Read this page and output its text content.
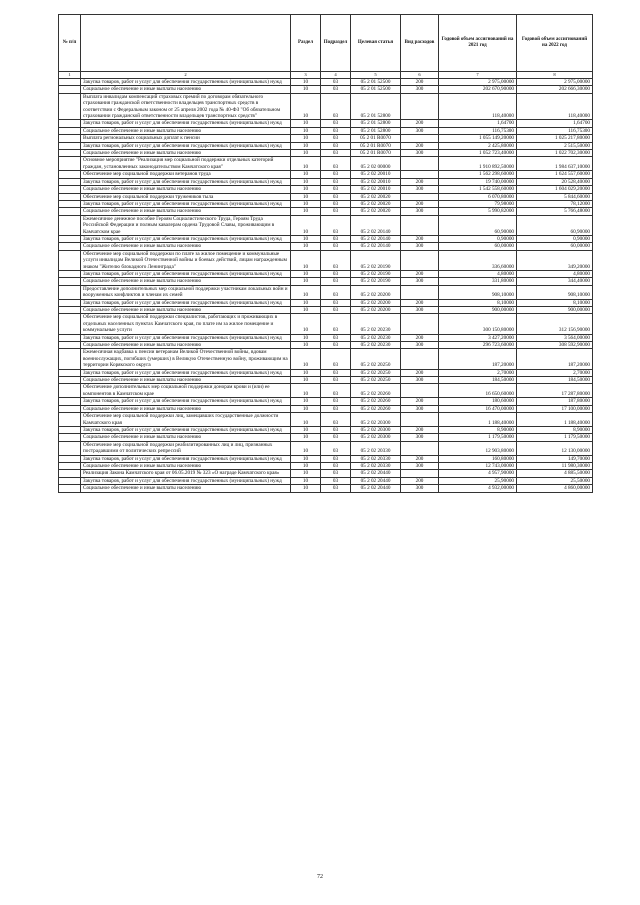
№ п/п		Раздел	Подраздел	Целевая статья	Вид расходов	Годовой объем ассигнований на 2021 год	Годовой объем ассигнований на 2022 год
1	2	3	4	5	6	7	8
	Закупка товаров, работ и услуг для обеспечения государственных (муниципальных) нужд	10	03	05 2 01 52500	200	2 975,00000	2 975,00000
	Социальное обеспечение и иные выплаты населению	10	03	05 2 01 52500	300	202 670,90000	202 666,30000
	Выплата инвалидам компенсаций страховых премий по договорам обязательного страхования гражданской ответственности владельцев транспортных средств в соответствии с Федеральным законом от 25 апреля 2002 года № 40-ФЗ "Об обязательном страховании гражданской ответственности владельцев транспортных средств"	10	03	05 2 01 52800		118,40000	118,40000
	Закупка товаров, работ и услуг для обеспечения государственных (муниципальных) нужд	10	03	05 2 01 52800	200	1,64700	1,64700
	Социальное обеспечение и иные выплаты населению	10	03	05 2 01 52800	300	116,75300	116,75300
	Выплата региональных социальных доплат к пенсии	10	03	05 2 01 R0070		1 055 149,20000	1 025 217,80000
	Закупка товаров, работ и услуг для обеспечения государственных (муниципальных) нужд	10	03	05 2 01 R0070	200	2 425,80000	2 515,50000
	Социальное обеспечение и иные выплаты населению	10	03	05 2 01 R0070	300	1 052 723,40000	1 022 702,30000
	Основное мероприятие "Реализация мер социальной поддержки отдельных категорий граждан, установленных законодательством Камчатского края"	10	03	05 2 02 00000		1 910 892,50000	1 984 637,10000
	Обеспечение мер социальной поддержки ветеранов труда	10	03	05 2 02 20010		1 562 298,60000	1 624 557,60000
	Закупка товаров, работ и услуг для обеспечения государственных (муниципальных) нужд	10	03	05 2 02 20010	200	19 740,00000	20 528,40000
	Социальное обеспечение и иные выплаты населению	10	03	05 2 02 20010	300	1 542 558,60000	1 604 029,20000
	Обеспечение мер социальной поддержки тружеников тыла	10	03	05 2 02 20020		6 070,80000	5 844,60000
	Закупка товаров, работ и услуг для обеспечения государственных (муниципальных) нужд	10	03	05 2 02 20020	200	79,98000	78,12000
	Социальное обеспечение и иные выплаты населению	10	03	05 2 02 20020	300	5 990,82000	5 766,48000
	Ежемесячное денежное пособие Героям Социалистического Труда, Героям Труда Российской Федерации и полным кавалерам ордена Трудовой Славы, проживающим в Камчатском крае	10	03	05 2 02 20140		60,90000	60,90000
	Закупка товаров, работ и услуг для обеспечения государственных (муниципальных) нужд	10	03	05 2 02 20140	200	0,90000	0,90000
	Социальное обеспечение и иные выплаты населению	10	03	05 2 02 20140	300	60,00000	60,00000
	Обеспечение мер социальной поддержки по плате за жилое помещение и коммунальные услуги инвалидам Великой Отечественной войны и боевых действий, лицам награжденным знаком "Жителю блокадного Ленинграда"	10	03	05 2 02 20190		336,60000	349,20000
	Закупка товаров, работ и услуг для обеспечения государственных (муниципальных) нужд	10	03	05 2 02 20190	200	4,80000	4,80000
	Социальное обеспечение и иные выплаты населению	10	03	05 2 02 20190	300	331,80000	344,40000
	Предоставление дополнительных мер социальной поддержки участникам локальных войн и вооруженных конфликтов и членам их семей	10	03	05 2 02 20200		908,10000	908,10000
	Закупка товаров, работ и услуг для обеспечения государственных (муниципальных) нужд	10	03	05 2 02 20200	200	8,10000	8,10000
	Социальное обеспечение и иные выплаты населению	10	03	05 2 02 20200	300	900,00000	900,00000
	Обеспечение мер социальной поддержки специалистов, работающих и проживающих в отдельных населенных пунктах Камчатского края, по плате им за жилое помещение и коммунальные услуги	10	03	05 2 02 20230		300 150,80000	312 156,90000
	Закупка товаров, работ и услуг для обеспечения государственных (муниципальных) нужд	10	03	05 2 02 20230	200	3 427,20000	3 564,00000
	Социальное обеспечение и иные выплаты населению	10	03	05 2 02 20230	300	296 723,60000	308 592,90000
	Ежемесячная надбавка к пенсии ветеранам Великой Отечественной войны, вдовам военнослужащих, погибших (умерших) в Великую Отечественную войну, проживающим на территории Корякского округа	10	03	05 2 02 20250		187,20000	187,20000
	Закупка товаров, работ и услуг для обеспечения государственных (муниципальных) нужд	10	03	05 2 02 20250	200	2,70000	2,70000
	Социальное обеспечение и иные выплаты населению	10	03	05 2 02 20250	300	184,50000	184,50000
	Обеспечение дополнительных мер социальной поддержки донорам крови и (или) ее компонентов в Камчатском крае	10	03	05 2 02 20260		16 650,60000	17 287,80000
	Закупка товаров, работ и услуг для обеспечения государственных (муниципальных) нужд	10	03	05 2 02 20260	200	180,60000	187,80000
	Социальное обеспечение и иные выплаты населению	10	03	05 2 02 20260	300	16 470,00000	17 100,00000
	Обеспечение мер социальной поддержки лиц, замещавших государственные должности Камчатского края	10	03	05 2 02 20300		1 188,40000	1 188,40000
	Закупка товаров, работ и услуг для обеспечения государственных (муниципальных) нужд	10	03	05 2 02 20300	200	8,90000	8,90000
	Социальное обеспечение и иные выплаты населению	10	03	05 2 02 20300	300	1 179,50000	1 179,50000
	Обеспечение мер социальной поддержки реабилитированных лиц и лиц, признанных пострадавшими от политических репрессий	10	03	05 2 02 20330		12 903,80000	12 130,00000
	Закупка товаров, работ и услуг для обеспечения государственных (муниципальных) нужд	10	03	05 2 02 20330	200	160,80000	149,70000
	Социальное обеспечение и иные выплаты населению	10	03	05 2 02 20330	300	12 743,00000	11 980,30000
	Реализация Закона Камчатского края от 06.05.2019 № 323 «О награде Камчатского края»	10	03	05 2 02 20440		4 957,90000	4 885,50000
	Закупка товаров, работ и услуг для обеспечения государственных (муниципальных) нужд	10	03	05 2 02 20440	200	25,90000	25,50000
	Социальное обеспечение и иные выплаты населению	10	03	05 2 02 20440	300	4 932,00000	4 860,00000
72
